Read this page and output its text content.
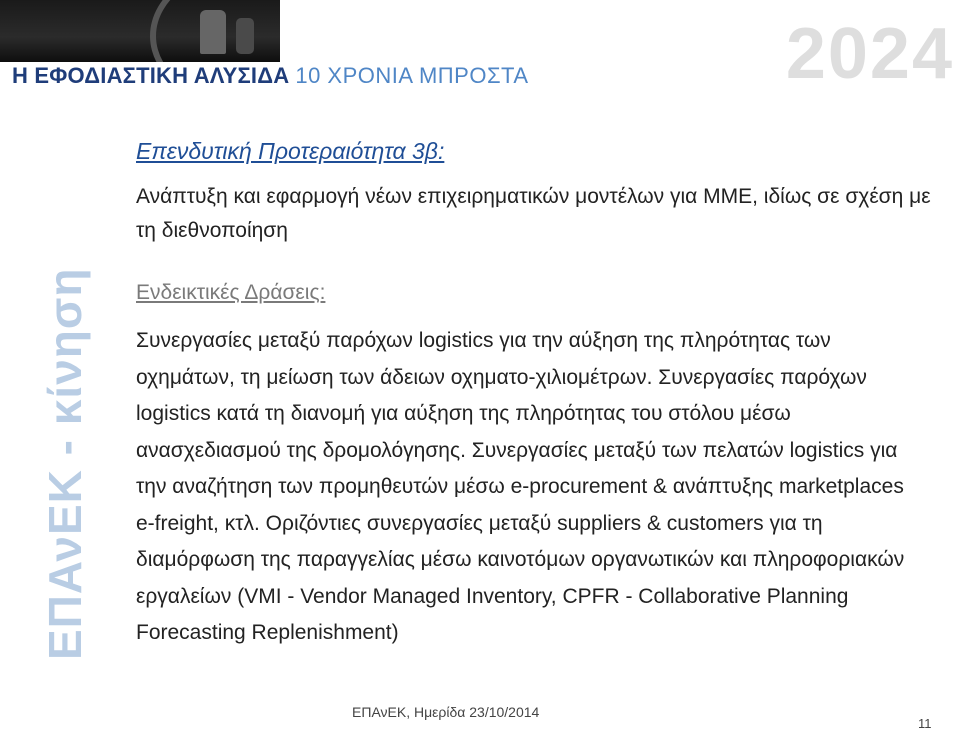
Η ΕΦΟΔΙΑΣΤΙΚΗ ΑΛΥΣΙΔΑ 10 ΧΡΟΝΙΑ ΜΠΡΟΣΤΑ	2024
ΕΠΑνΕΚ - κίνηση
Επενδυτική Προτεραιότητα 3β:

Ανάπτυξη και εφαρμογή νέων επιχειρηματικών μοντέλων για ΜΜΕ, ιδίως σε σχέση με τη διεθνοποίηση

Ενδεικτικές Δράσεις:

Συνεργασίες μεταξύ παρόχων logistics για την αύξηση της πληρότητας των οχημάτων, τη μείωση των άδειων οχηματο-χιλιομέτρων. Συνεργασίες παρόχων logistics κατά τη διανομή για αύξηση της πληρότητας του στόλου μέσω ανασχεδιασμού της δρομολόγησης. Συνεργασίες μεταξύ των πελατών logistics για την αναζήτηση των προμηθευτών μέσω e-procurement & ανάπτυξης marketplaces e-freight, κτλ. Οριζόντιες συνεργασίες μεταξύ suppliers & customers για τη διαμόρφωση της παραγγελίας μέσω καινοτόμων οργανωτικών και πληροφοριακών εργαλείων (VMI - Vendor Managed Inventory, CPFR - Collaborative Planning Forecasting Replenishment)

ΕΠΑνΕΚ, Ημερίδα 23/10/2014
11
